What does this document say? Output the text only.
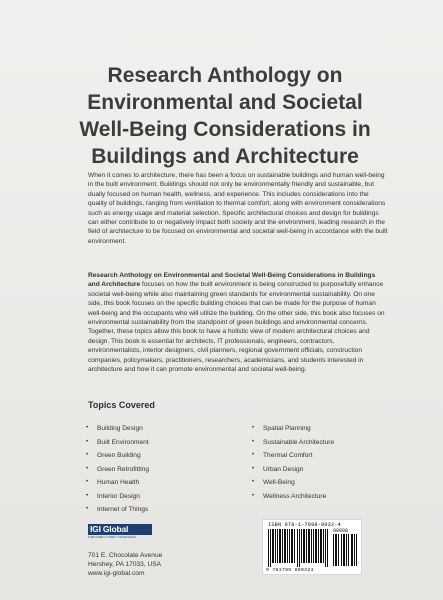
Research Anthology on
Environmental and Societal
Well-Being Considerations in
Buildings and Architecture
When it comes to architecture, there has been a focus on sustainable buildings and human well-being in the built environment. Buildings should not only be environmentally friendly and sustainable, but dually focused on human health, wellness, and experience. This includes considerations into the quality of buildings, ranging from ventilation to thermal comfort, along with environment considerations such as energy usage and material selection. Specific architectural choices and design for buildings can either contribute to or negatively impact both society and the environment, leading research in the field of architecture to be focused on environmental and societal well-being in accordance with the built environment.
Research Anthology on Environmental and Societal Well-Being Considerations in Buildings and Architecture focuses on how the built environment is being constructed to purposefully enhance societal well-being while also maintaining green standards for environmental sustainability. On one side, this book focuses on the specific building choices that can be made for the purpose of human well-being and the occupants who will utilize the building. On the other side, this book also focuses on environmental sustainability from the standpoint of green buildings and environmental concerns. Together, these topics allow this book to have a holistic view of modern architectural choices and design. This book is essential for architects, IT professionals, engineers, contractors, environmentalists, interior designers, civil planners, regional government officials, construction companies, policymakers, practitioners, researchers, academicians, and students interested in architecture and how it can promote environmental and societal well-being.
Topics Covered
• Building Design
• Built Environment
• Green Building
• Green Retrofitting
• Human Health
• Interior Design
• Internet of Things
• Spatial Planning
• Sustainable Architecture
• Thermal Comfort
• Urban Design
• Well-Being
• Wellness Architecture
IGI Global
PUBLISHER of TIMELY KNOWLEDGE
701 E. Chocolate Avenue
Hershey, PA 17033, USA
www.igi-global.com
ISBN 978-1-7998-9032-4
90000
9 781799 890324
